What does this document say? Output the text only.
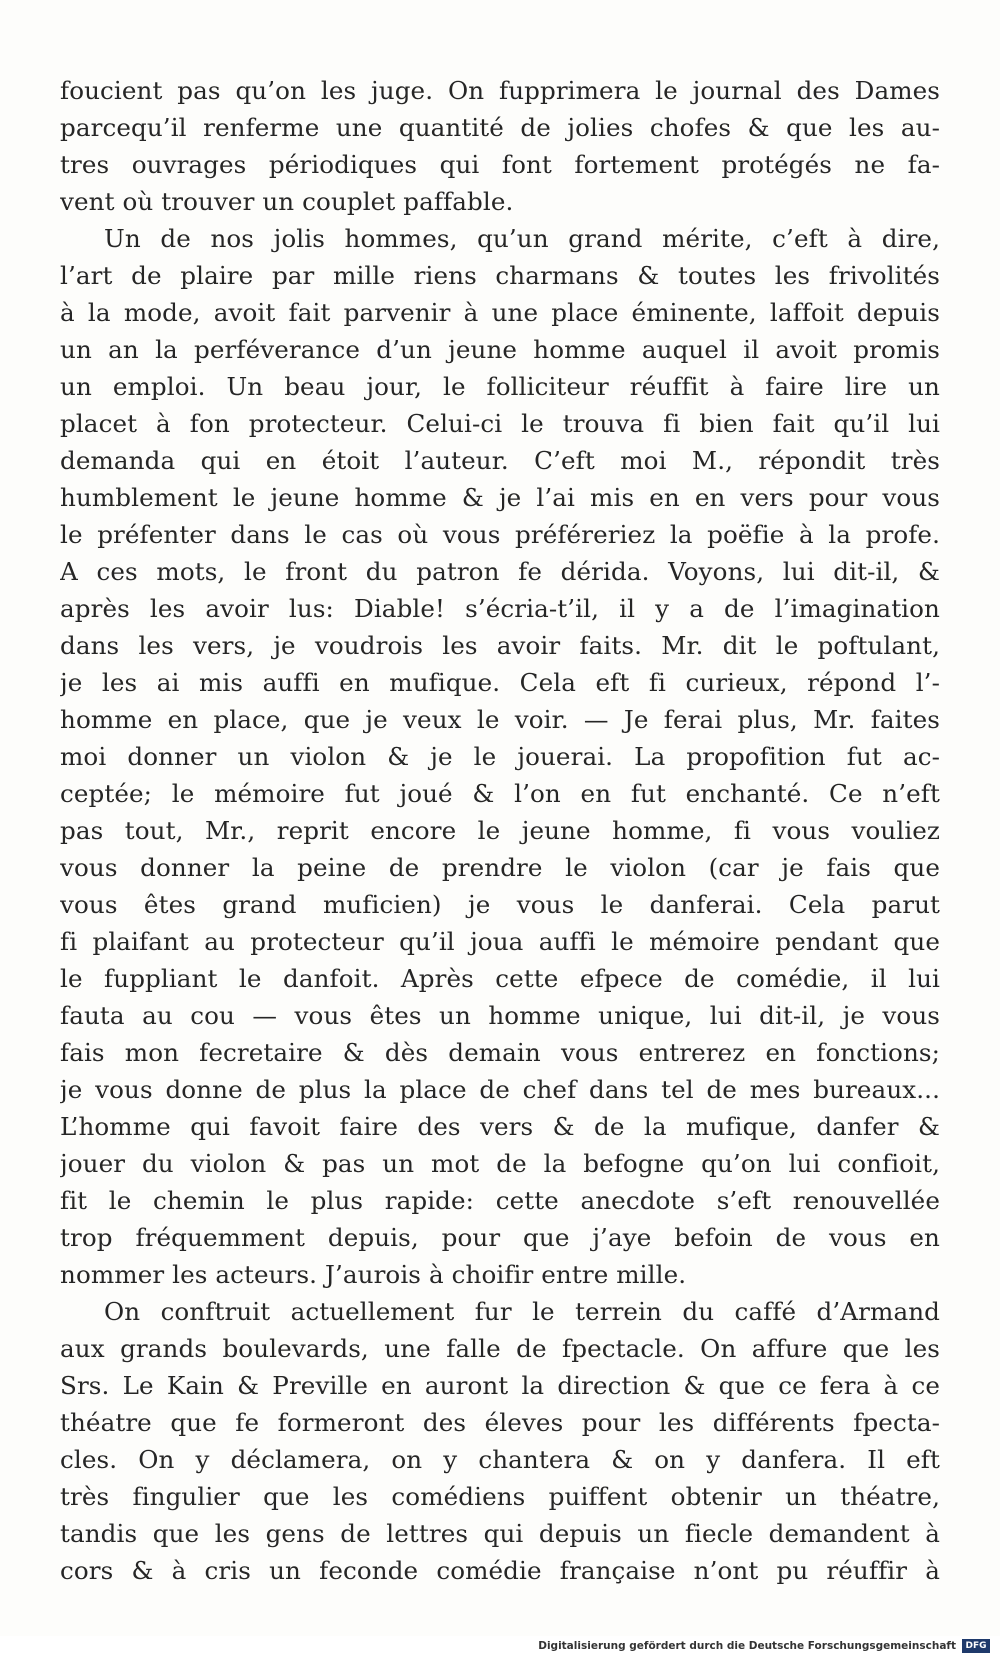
foucient pas qu’on les juge. On fupprimera le journal des Dames
parcequ’il renferme une quantité de jolies chofes & que les au-
tres ouvrages périodiques qui font fortement protégés ne fa-
vent où trouver un couplet paffable.
Un de nos jolis hommes, qu’un grand mérite, c’eft à dire,
l’art de plaire par mille riens charmans & toutes les frivolités
à la mode, avoit fait parvenir à une place éminente, laffoit depuis
un an la perféverance d’un jeune homme auquel il avoit promis
un emploi. Un beau jour, le folliciteur réuffit à faire lire un
placet à fon protecteur. Celui-ci le trouva fi bien fait qu’il lui
demanda qui en étoit l’auteur. C’eft moi M., répondit très
humblement le jeune homme & je l’ai mis en en vers pour vous
le préfenter dans le cas où vous préféreriez la poëfie à la profe.
A ces mots, le front du patron fe dérida. Voyons, lui dit-il, &
après les avoir lus: Diable! s’écria-t’il, il y a de l’imagination
dans les vers, je voudrois les avoir faits. Mr. dit le poftulant,
je les ai mis auffi en mufique. Cela eft fi curieux, répond l’-
homme en place, que je veux le voir. — Je ferai plus, Mr. faites
moi donner un violon & je le jouerai. La propofition fut ac-
ceptée; le mémoire fut joué & l’on en fut enchanté. Ce n’eft
pas tout, Mr., reprit encore le jeune homme, fi vous vouliez
vous donner la peine de prendre le violon (car je fais que
vous êtes grand muficien) je vous le danferai. Cela parut
fi plaifant au protecteur qu’il joua auffi le mémoire pendant que
le fuppliant le danfoit. Après cette efpece de comédie, il lui
fauta au cou — vous êtes un homme unique, lui dit-il, je vous
fais mon fecretaire & dès demain vous entrerez en fonctions;
je vous donne de plus la place de chef dans tel de mes bureaux...
L’homme qui favoit faire des vers & de la mufique, danfer &
jouer du violon & pas un mot de la befogne qu’on lui confioit,
fit le chemin le plus rapide: cette anecdote s’eft renouvellée
trop fréquemment depuis, pour que j’aye befoin de vous en
nommer les acteurs. J’aurois à choifir entre mille.
On conftruit actuellement fur le terrein du caffé d’Armand
aux grands boulevards, une falle de fpectacle. On affure que les
Srs. Le Kain & Preville en auront la direction & que ce fera à ce
théatre que fe formeront des éleves pour les différents fpecta-
cles. On y déclamera, on y chantera & on y danfera. Il eft
très fingulier que les comédiens puiffent obtenir un théatre,
tandis que les gens de lettres qui depuis un fiecle demandent à
cors & à cris un feconde comédie française n’ont pu réuffir à
Digitalisierung gefördert durch die Deutsche Forschungsgemeinschaft	DFG
